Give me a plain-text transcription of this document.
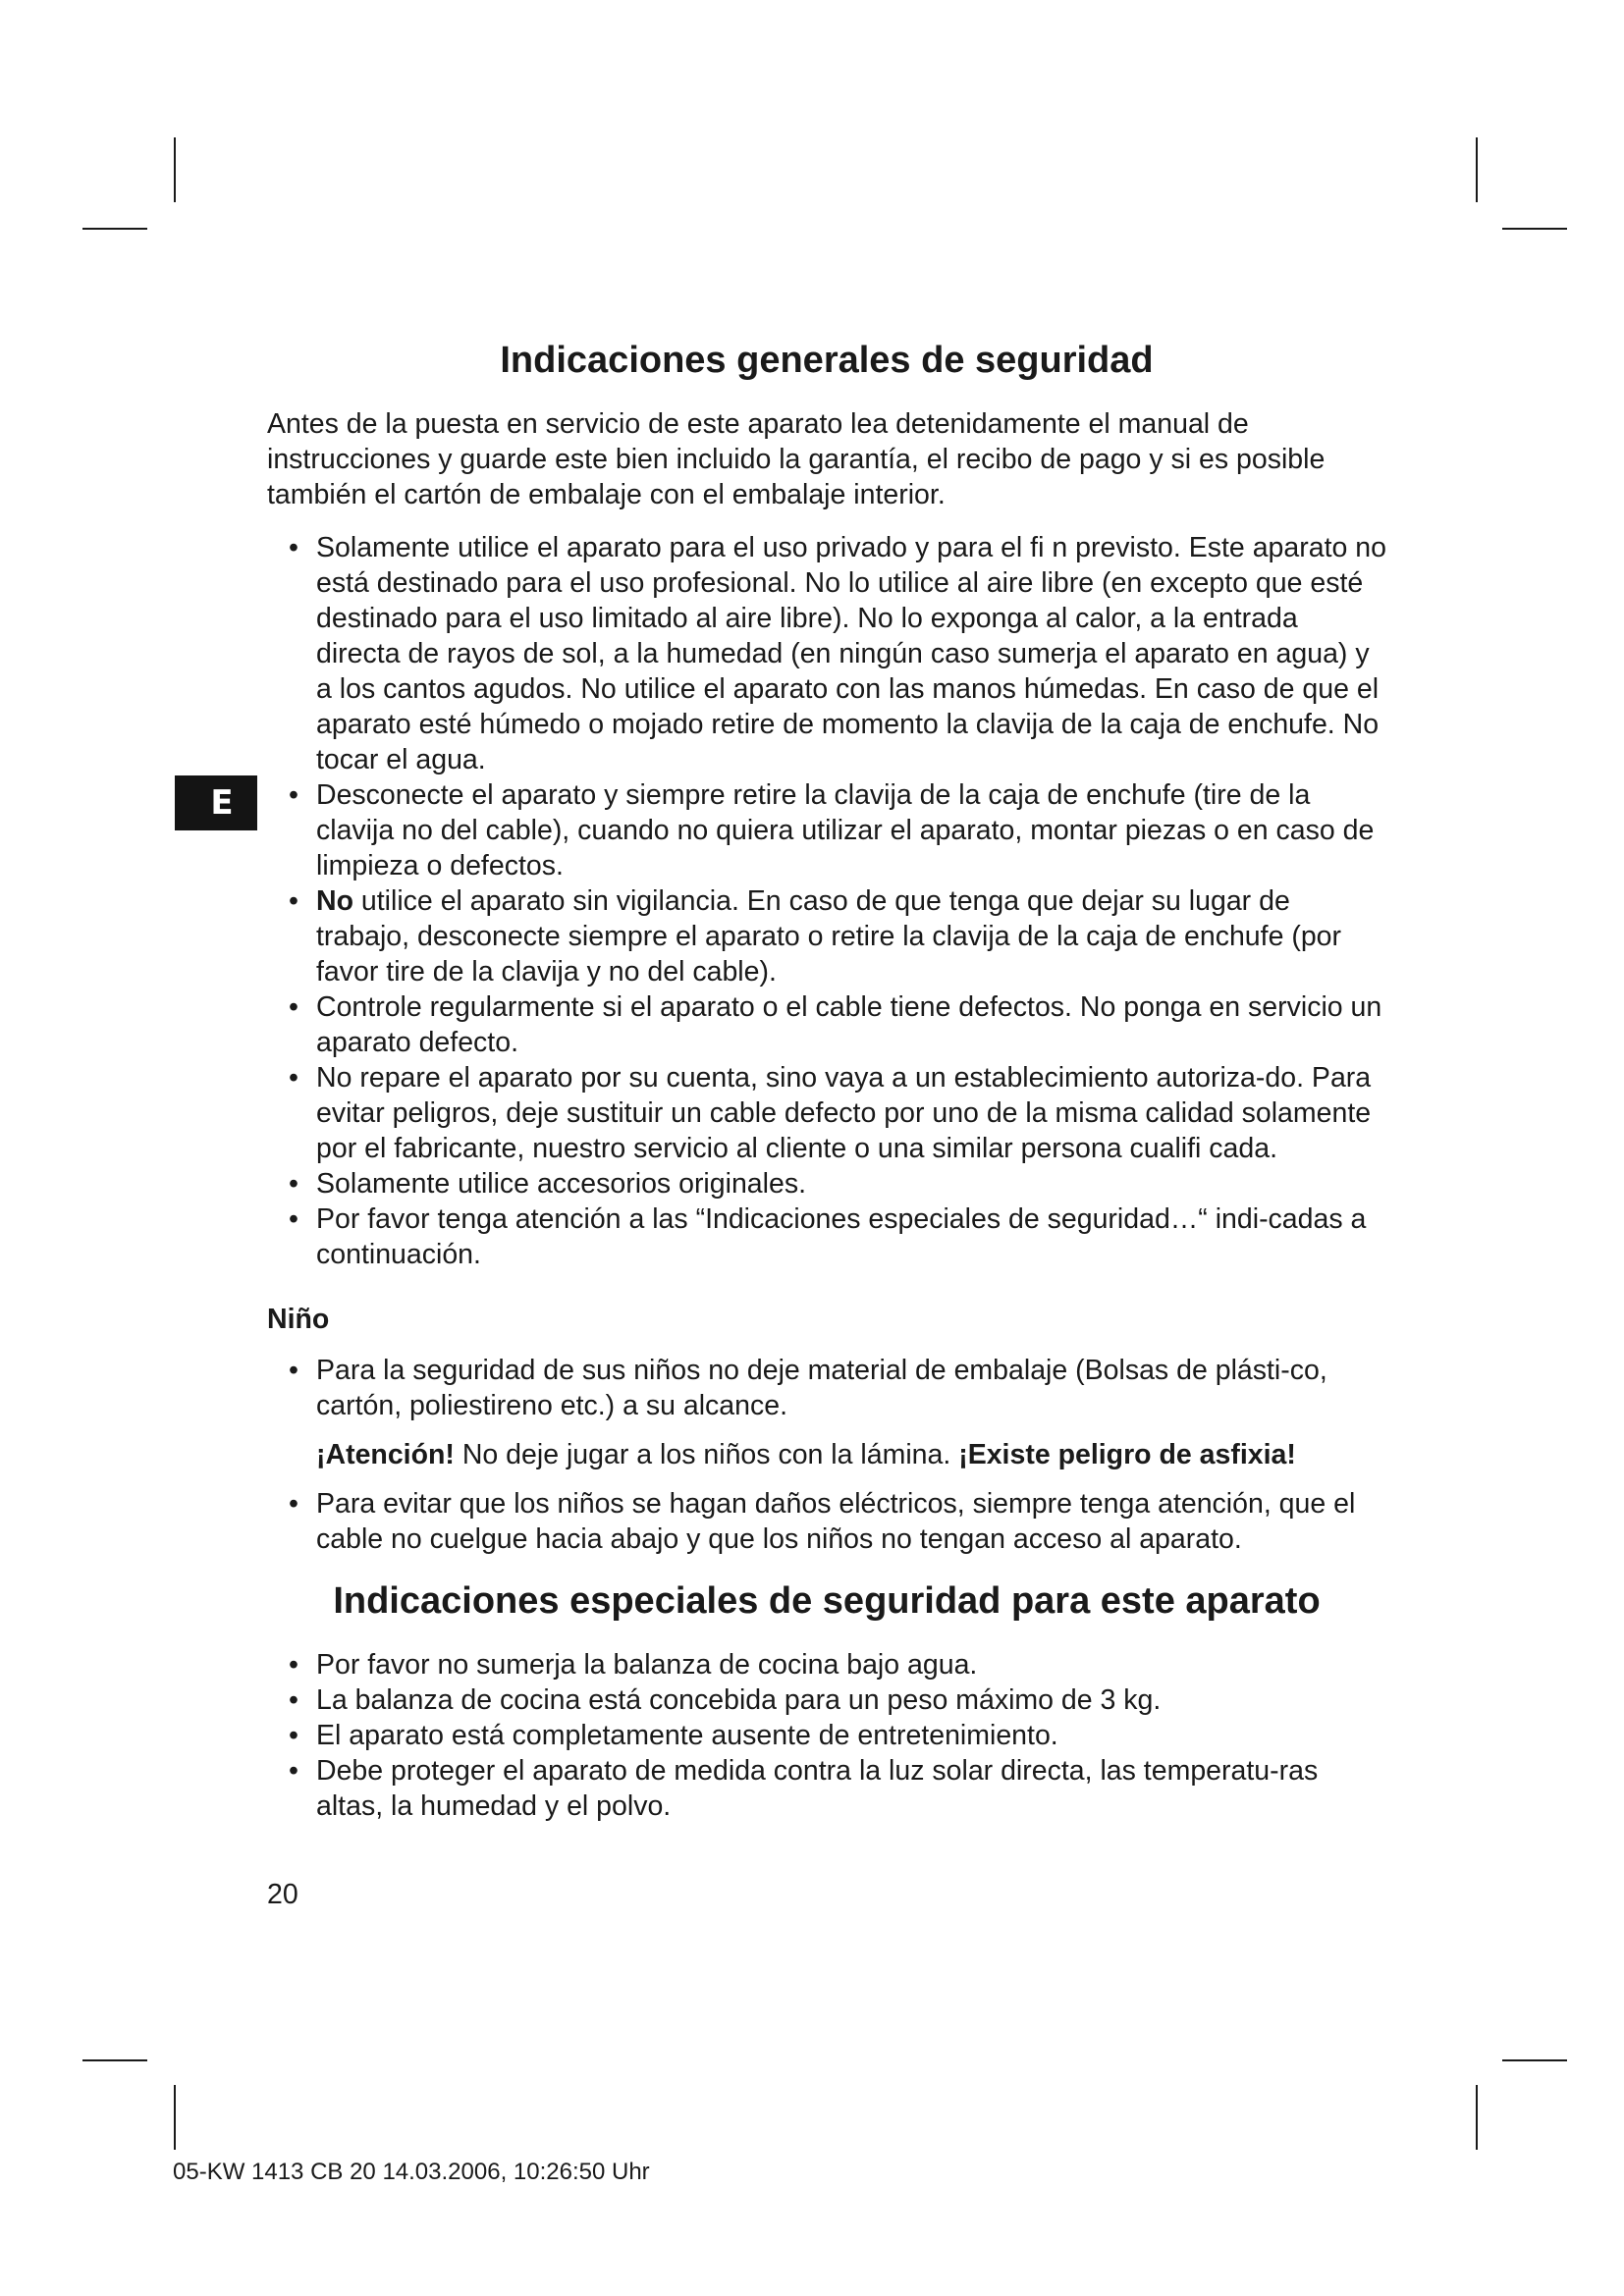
E
Indicaciones generales de seguridad

Antes de la puesta en servicio de este aparato lea detenidamente el manual de instrucciones y guarde este bien incluido la garantía, el recibo de pago y si es posible también el cartón de embalaje con el embalaje interior.

• Solamente utilice el aparato para el uso privado y para el fi n previsto. Este aparato no está destinado para el uso profesional. No lo utilice al aire libre (en excepto que esté destinado para el uso limitado al aire libre). No lo exponga al calor, a la entrada directa de rayos de sol, a la humedad (en ningún caso sumerja el aparato en agua) y a los cantos agudos. No utilice el aparato con las manos húmedas. En caso de que el aparato esté húmedo o mojado retire de momento la clavija de la caja de enchufe. No tocar el agua.
• Desconecte el aparato y siempre retire la clavija de la caja de enchufe (tire de la clavija no del cable), cuando no quiera utilizar el aparato, montar piezas o en caso de limpieza o defectos.
• No utilice el aparato sin vigilancia. En caso de que tenga que dejar su lugar de trabajo, desconecte siempre el aparato o retire la clavija de la caja de enchufe (por favor tire de la clavija y no del cable).
• Controle regularmente si el aparato o el cable tiene defectos. No ponga en servicio un aparato defecto.
• No repare el aparato por su cuenta, sino vaya a un establecimiento autoriza-do. Para evitar peligros, deje sustituir un cable defecto por uno de la misma calidad solamente por el fabricante, nuestro servicio al cliente o una similar persona cualifi cada.
• Solamente utilice accesorios originales.
• Por favor tenga atención a las “Indicaciones especiales de seguridad…“ indi-cadas a continuación.
Niño
• Para la seguridad de sus niños no deje material de embalaje (Bolsas de plásti-co, cartón, poliestireno etc.) a su alcance.

¡Atención! No deje jugar a los niños con la lámina. ¡Existe peligro de asfixia!

• Para evitar que los niños se hagan daños eléctricos, siempre tenga atención, que el cable no cuelgue hacia abajo y que los niños no tengan acceso al aparato.
Indicaciones especiales de seguridad para este aparato
• Por favor no sumerja la balanza de cocina bajo agua.
• La balanza de cocina está concebida para un peso máximo de 3 kg.
• El aparato está completamente ausente de entretenimiento.
• Debe proteger el aparato de medida contra la luz solar directa, las temperatu-ras altas, la humedad y el polvo.
20
05-KW 1413 CB 20 14.03.2006, 10:26:50 Uhr
